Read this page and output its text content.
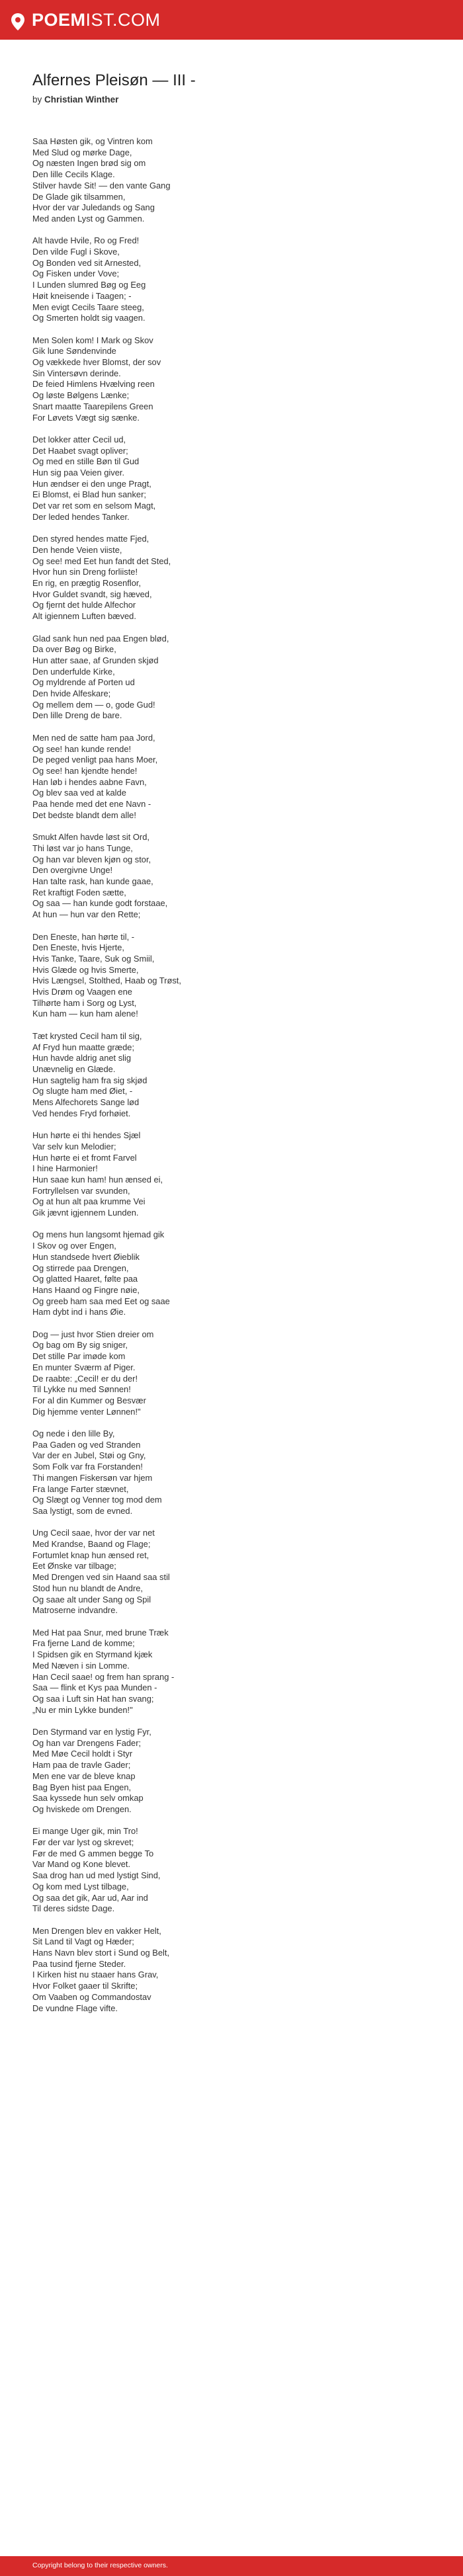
POEMIST.COM
Alfernes Pleisøn — III -
by Christian Winther
Saa Høsten gik, og Vintren kom
Med Slud og mørke Dage,
Og næsten Ingen brød sig om
Den lille Cecils Klage.
Stilver havde Sit! — den vante Gang
De Glade gik tilsammen,
Hvor der var Juledands og Sang
Med anden Lyst og Gammen.
Alt havde Hvile, Ro og Fred!
Den vilde Fugl i Skove,
Og Bonden ved sit Arnested,
Og Fisken under Vove;
I Lunden slumred Bøg og Eeg
Høit kneisende i Taagen; -
Men evigt Cecils Taare steeg,
Og Smerten holdt sig vaagen.
Men Solen kom! I Mark og Skov
Gik lune Søndenvinde
Og vækkede hver Blomst, der sov
Sin Vintersøvn derinde.
De feied Himlens Hvælving reen
Og løste Bølgens Lænke;
Snart maatte Taarepilens Green
For Løvets Vægt sig sænke.
Det lokker atter Cecil ud,
Det Haabet svagt opliver;
Og med en stille Bøn til Gud
Hun sig paa Veien giver.
Hun ændser ei den unge Pragt,
Ei Blomst, ei Blad hun sanker;
Det var ret som en selsom Magt,
Der leded hendes Tanker.
Den styred hendes matte Fjed,
Den hende Veien viiste,
Og see! med Eet hun fandt det Sted,
Hvor hun sin Dreng forliiste!
En rig, en prægtig Rosenflor,
Hvor Guldet svandt, sig hæved,
Og fjernt det hulde Alfechor
Alt igiennem Luften bæved.
Glad sank hun ned paa Engen blød,
Da over Bøg og Birke,
Hun atter saae, af Grunden skjød
Den underfulde Kirke,
Og myldrende af Porten ud
Den hvide Alfeskare;
Og mellem dem — o, gode Gud!
Den lille Dreng de bare.
Men ned de satte ham paa Jord,
Og see! han kunde rende!
De peged venligt paa hans Moer,
Og see! han kjendte hende!
Han løb i hendes aabne Favn,
Og blev saa ved at kalde
Paa hende med det ene Navn -
Det bedste blandt dem alle!
Smukt Alfen havde løst sit Ord,
Thi løst var jo hans Tunge,
Og han var bleven kjøn og stor,
Den overgivne Unge!
Han talte rask, han kunde gaae,
Ret kraftigt Foden sætte,
Og saa — han kunde godt forstaae,
At hun — hun var den Rette;
Den Eneste, han hørte til, -
Den Eneste, hvis Hjerte,
Hvis Tanke, Taare, Suk og Smiil,
Hvis Glæde og hvis Smerte,
Hvis Længsel, Stolthed, Haab og Trøst,
Hvis Drøm og Vaagen ene
Tilhørte ham i Sorg og Lyst,
Kun ham — kun ham alene!
Tæt krysted Cecil ham til sig,
Af Fryd hun maatte græde;
Hun havde aldrig anet slig
Unævnelig en Glæde.
Hun sagtelig ham fra sig skjød
Og slugte ham med Øiet, -
Mens Alfechorets Sange lød
Ved hendes Fryd forhøiet.
Hun hørte ei thi hendes Sjæl
Var selv kun Melodier;
Hun hørte ei et fromt Farvel
I hine Harmonier!
Hun saae kun ham! hun ænsed ei,
Fortryllelsen var svunden,
Og at hun alt paa krumme Vei
Gik jævnt igjennem Lunden.
Og mens hun langsomt hjemad gik
I Skov og over Engen,
Hun standsede hvert Øieblik
Og stirrede paa Drengen,
Og glatted Haaret, følte paa
Hans Haand og Fingre nøie,
Og greeb ham saa med Eet og saae
Ham dybt ind i hans Øie.
Dog — just hvor Stien dreier om
Og bag om By sig sniger,
Det stille Par imøde kom
En munter Sværm af Piger.
De raabte: „Cecil! er du der!
Til Lykke nu med Sønnen!
For al din Kummer og Besvær
Dig hjemme venter Lønnen!"
Og nede i den lille By,
Paa Gaden og ved Stranden
Var der en Jubel, Støi og Gny,
Som Folk var fra Forstanden!
Thi mangen Fiskersøn var hjem
Fra lange Farter stævnet,
Og Slægt og Venner tog mod dem
Saa lystigt, som de evned.
Ung Cecil saae, hvor der var net
Med Krandse, Baand og Flage;
Fortumlet knap hun ænsed ret,
Eet Ønske var tilbage;
Med Drengen ved sin Haand saa stil
Stod hun nu blandt de Andre,
Og saae alt under Sang og Spil
Matroserne indvandre.
Med Hat paa Snur, med brune Træk
Fra fjerne Land de komme;
I Spidsen gik en Styrmand kjæk
Med Næven i sin Lomme.
Han Cecil saae! og frem han sprang -
Saa — flink et Kys paa Munden -
Og saa i Luft sin Hat han svang;
„Nu er min Lykke bunden!"
Den Styrmand var en lystig Fyr,
Og han var Drengens Fader;
Med Møe Cecil holdt i Styr
Ham paa de travle Gader;
Men ene var de bleve knap
Bag Byen hist paa Engen,
Saa kyssede hun selv omkap
Og hviskede om Drengen.
Ei mange Uger gik, min Tro!
Før der var lyst og skrevet;
Før de med G ammen begge To
Var Mand og Kone blevet.
Saa drog han ud med lystigt Sind,
Og kom med Lyst tilbage,
Og saa det gik, Aar ud, Aar ind
Til deres sidste Dage.
Men Drengen blev en vakker Helt,
Sit Land til Vagt og Hæder;
Hans Navn blev stort i Sund og Belt,
Paa tusind fjerne Steder.
I Kirken hist nu staaer hans Grav,
Hvor Folket gaaer til Skrifte;
Om Vaaben og Commandostav
De vundne Flage vifte.
Copyright belong to their respective owners.
